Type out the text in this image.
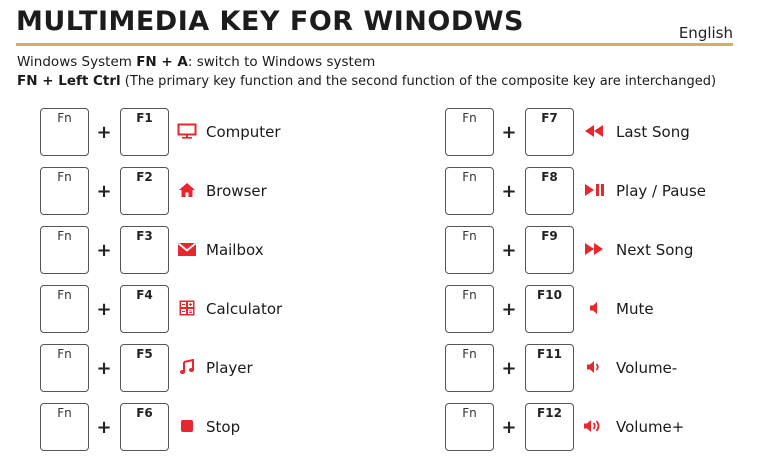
MULTIMEDIA KEY FOR WINODWS	English
Windows System FN + A: switch to Windows system
FN + Left Ctrl (The primary key function and the second function of the composite key are interchanged)
Fn
+
F1
Computer
Fn
+
F2
Browser
Fn
+
F3
Mailbox
Fn
+
F4
Calculator
Fn
+
F5
Player
Fn
+
F6
Stop
Fn
+
F7
Last Song
Fn
+
F8
Play / Pause
Fn
+
F9
Next Song
Fn
+
F10
Mute
Fn
+
F11
Volume-
Fn
+
F12
Volume+
